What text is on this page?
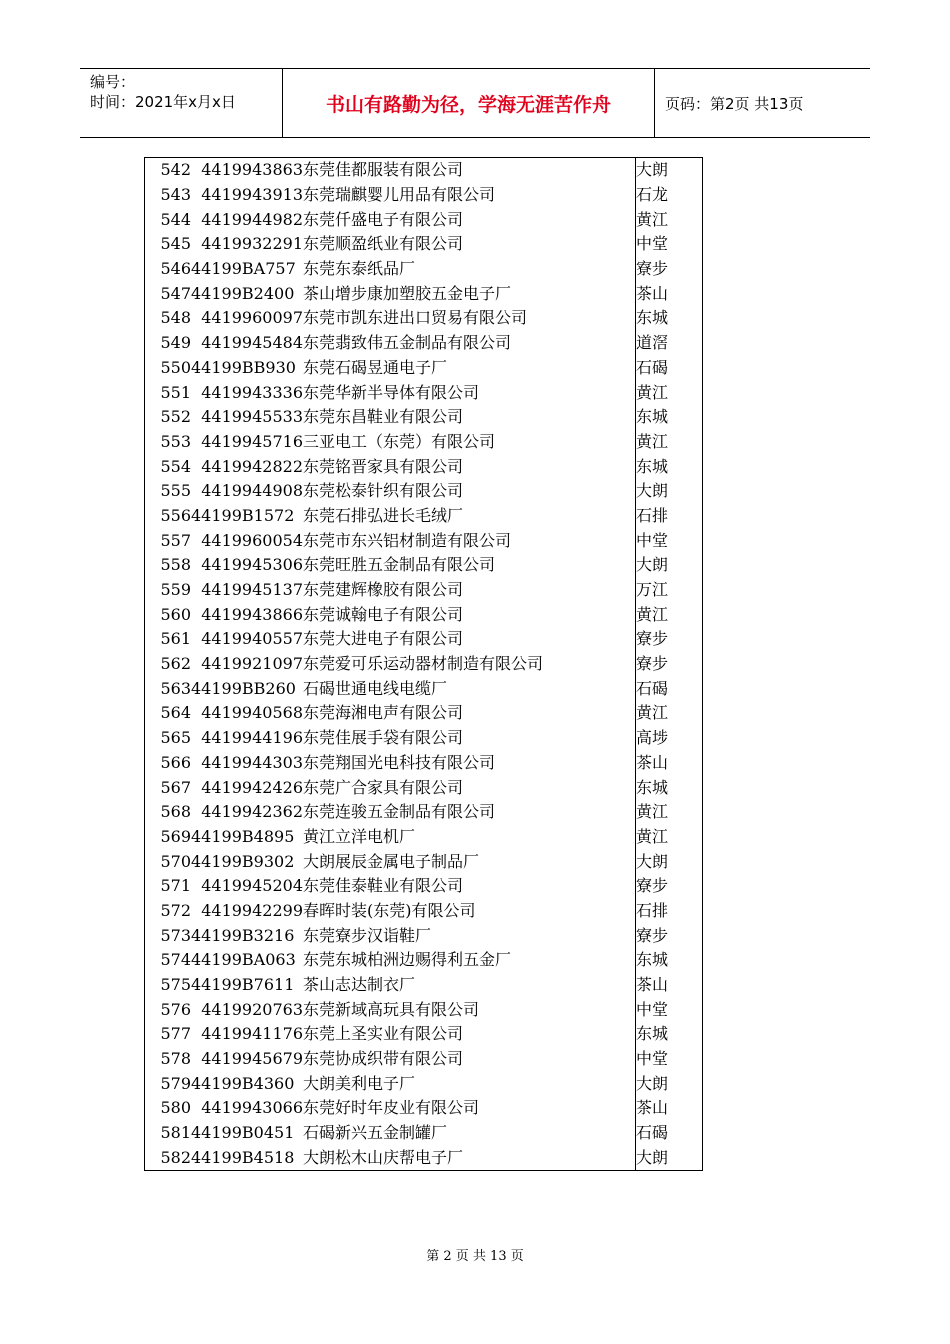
编号：
时间：2021年x月x日	书山有路勤为径，学海无涯苦作舟	页码：第2页 共13页
542	4419943863	东莞佳都服装有限公司	大朗
543	4419943913	东莞瑞麒婴儿用品有限公司	石龙
544	4419944982	东莞仟盛电子有限公司	黄江
545	4419932291	东莞顺盈纸业有限公司	中堂
546	44199BA757	东莞东泰纸品厂	寮步
547	44199B2400	茶山增步康加塑胶五金电子厂	茶山
548	4419960097	东莞市凯东进出口贸易有限公司	东城
549	4419945484	东莞翡致伟五金制品有限公司	道滘
550	44199BB930	东莞石碣昱通电子厂	石碣
551	4419943336	东莞华新半导体有限公司	黄江
552	4419945533	东莞东昌鞋业有限公司	东城
553	4419945716	三亚电工（东莞）有限公司	黄江
554	4419942822	东莞铭晋家具有限公司	东城
555	4419944908	东莞松泰针织有限公司	大朗
556	44199B1572	东莞石排弘进长毛绒厂	石排
557	4419960054	东莞市东兴铝材制造有限公司	中堂
558	4419945306	东莞旺胜五金制品有限公司	大朗
559	4419945137	东莞建辉橡胶有限公司	万江
560	4419943866	东莞诚翰电子有限公司	黄江
561	4419940557	东莞大进电子有限公司	寮步
562	4419921097	东莞爱可乐运动器材制造有限公司	寮步
563	44199BB260	石碣世通电线电缆厂	石碣
564	4419940568	东莞海湘电声有限公司	黄江
565	4419944196	东莞佳展手袋有限公司	高埗
566	4419944303	东莞翔国光电科技有限公司	茶山
567	4419942426	东莞广合家具有限公司	东城
568	4419942362	东莞连骏五金制品有限公司	黄江
569	44199B4895	黄江立洋电机厂	黄江
570	44199B9302	大朗展辰金属电子制品厂	大朗
571	4419945204	东莞佳泰鞋业有限公司	寮步
572	4419942299	春晖时装(东莞)有限公司	石排
573	44199B3216	东莞寮步汉诣鞋厂	寮步
574	44199BA063	东莞东城柏洲边赐得利五金厂	东城
575	44199B7611	茶山志达制衣厂	茶山
576	4419920763	东莞新域高玩具有限公司	中堂
577	4419941176	东莞上圣实业有限公司	东城
578	4419945679	东莞协成织带有限公司	中堂
579	44199B4360	大朗美利电子厂	大朗
580	4419943066	东莞好时年皮业有限公司	茶山
581	44199B0451	石碣新兴五金制罐厂	石碣
582	44199B4518	大朗松木山庆帮电子厂	大朗
第 2 页 共 13 页
